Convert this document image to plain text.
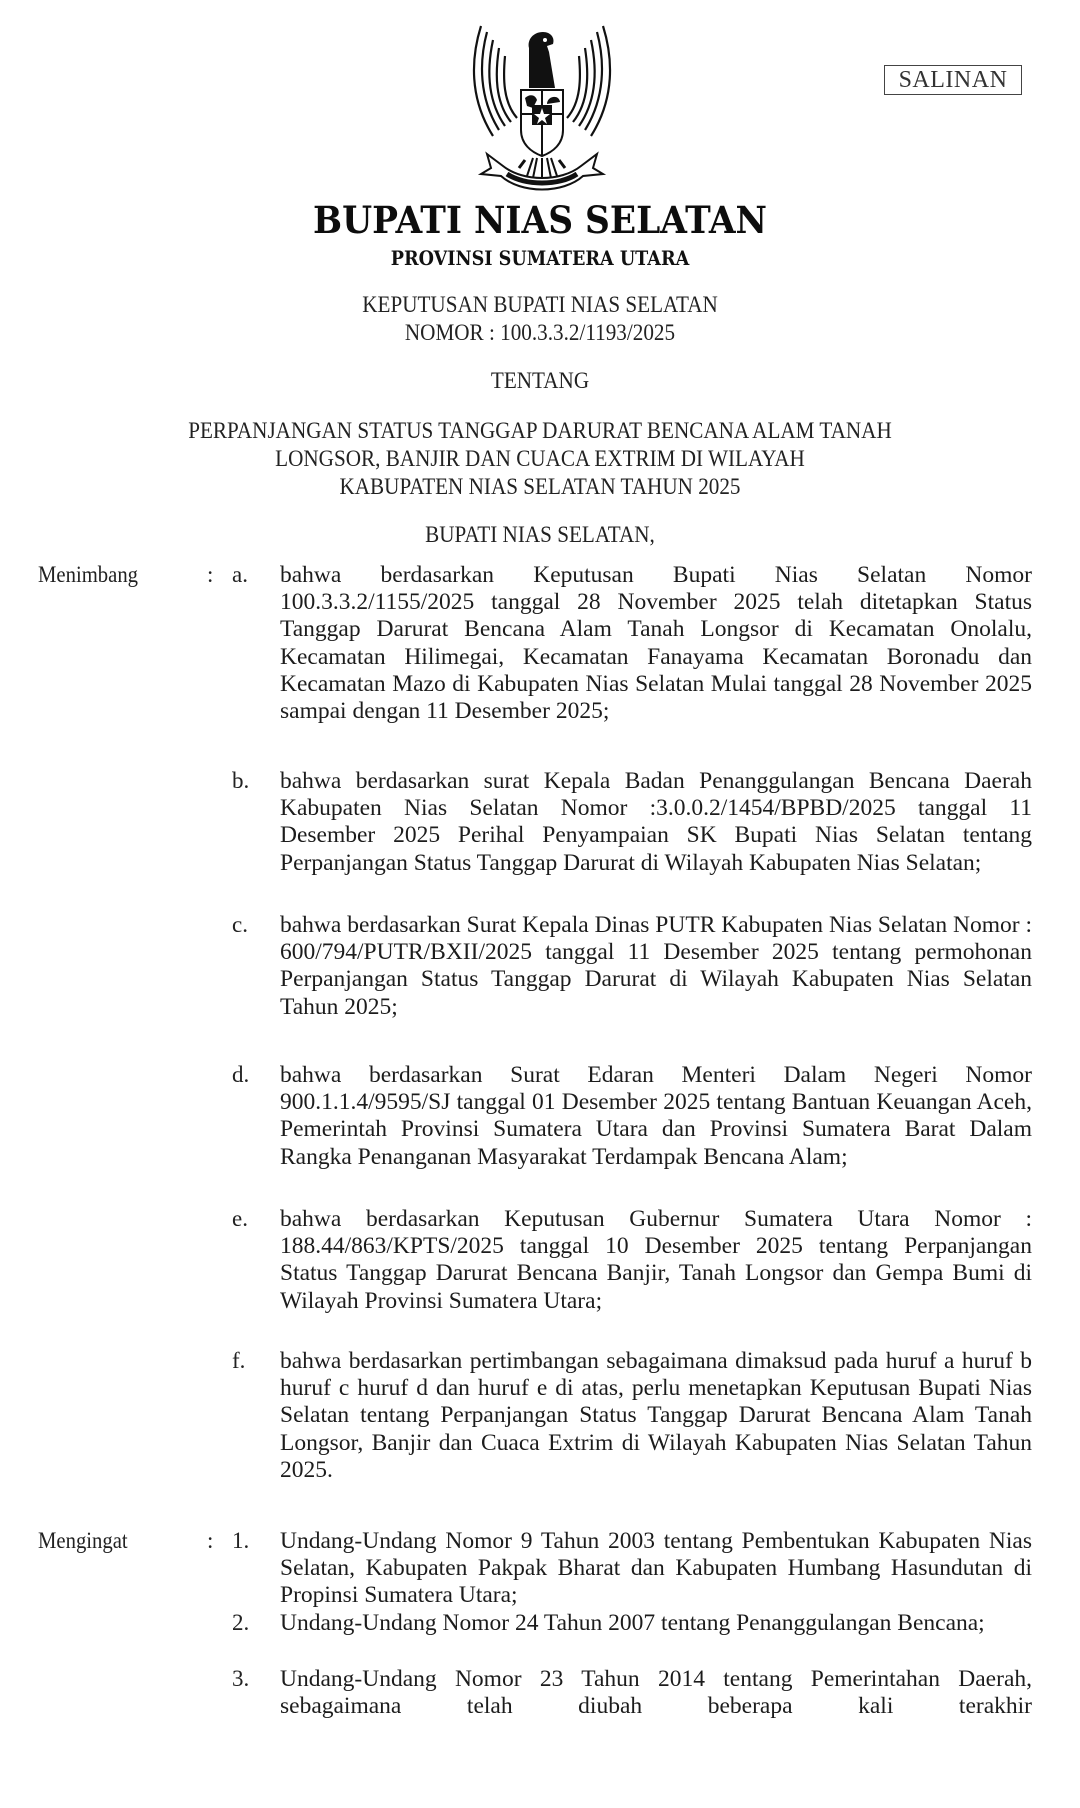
SALINAN
BUPATI NIAS SELATAN
PROVINSI SUMATERA UTARA
KEPUTUSAN BUPATI NIAS SELATAN
NOMOR : 100.3.3.2/1193/2025
TENTANG
PERPANJANGAN STATUS TANGGAP DARURAT BENCANA ALAM TANAH
LONGSOR, BANJIR DAN CUACA EXTRIM DI WILAYAH
KABUPATEN NIAS SELATAN TAHUN 2025
BUPATI NIAS SELATAN,
Menimbang	: a.	bahwa berdasarkan Keputusan Bupati Nias Selatan Nomor 100.3.3.2/1155/2025 tanggal 28 November 2025 telah ditetapkan Status Tanggap Darurat Bencana Alam Tanah Longsor di Kecamatan Onolalu, Kecamatan Hilimegai, Kecamatan Fanayama Kecamatan Boronadu dan Kecamatan Mazo di Kabupaten Nias Selatan Mulai tanggal 28 November 2025 sampai dengan 11 Desember 2025;
b.	bahwa berdasarkan surat Kepala Badan Penanggulangan Bencana Daerah Kabupaten Nias Selatan Nomor :3.0.0.2/1454/BPBD/2025 tanggal 11 Desember 2025 Perihal Penyampaian SK Bupati Nias Selatan tentang Perpanjangan Status Tanggap Darurat di Wilayah Kabupaten Nias Selatan;
c.	bahwa berdasarkan Surat Kepala Dinas PUTR Kabupaten Nias Selatan Nomor : 600/794/PUTR/BXII/2025 tanggal 11 Desember 2025 tentang permohonan Perpanjangan Status Tanggap Darurat di Wilayah Kabupaten Nias Selatan Tahun 2025;
d.	bahwa berdasarkan Surat Edaran Menteri Dalam Negeri Nomor 900.1.1.4/9595/SJ tanggal 01 Desember 2025 tentang Bantuan Keuangan Aceh, Pemerintah Provinsi Sumatera Utara dan Provinsi Sumatera Barat Dalam Rangka Penanganan Masyarakat Terdampak Bencana Alam;
e.	bahwa berdasarkan Keputusan Gubernur Sumatera Utara Nomor : 188.44/863/KPTS/2025 tanggal 10 Desember 2025 tentang Perpanjangan Status Tanggap Darurat Bencana Banjir, Tanah Longsor dan Gempa Bumi di Wilayah Provinsi Sumatera Utara;
f.	bahwa berdasarkan pertimbangan sebagaimana dimaksud pada huruf a huruf b huruf c huruf d dan huruf e di atas, perlu menetapkan Keputusan Bupati Nias Selatan tentang Perpanjangan Status Tanggap Darurat Bencana Alam Tanah Longsor, Banjir dan Cuaca Extrim di Wilayah Kabupaten Nias Selatan Tahun 2025.
Mengingat	: 1.	Undang-Undang Nomor 9 Tahun 2003 tentang Pembentukan Kabupaten Nias Selatan, Kabupaten Pakpak Bharat dan Kabupaten Humbang Hasundutan di Propinsi Sumatera Utara;
2.	Undang-Undang Nomor 24 Tahun 2007 tentang Penanggulangan Bencana;
3.	Undang-Undang Nomor 23 Tahun 2014 tentang Pemerintahan Daerah, sebagaimana telah diubah beberapa kali terakhir
